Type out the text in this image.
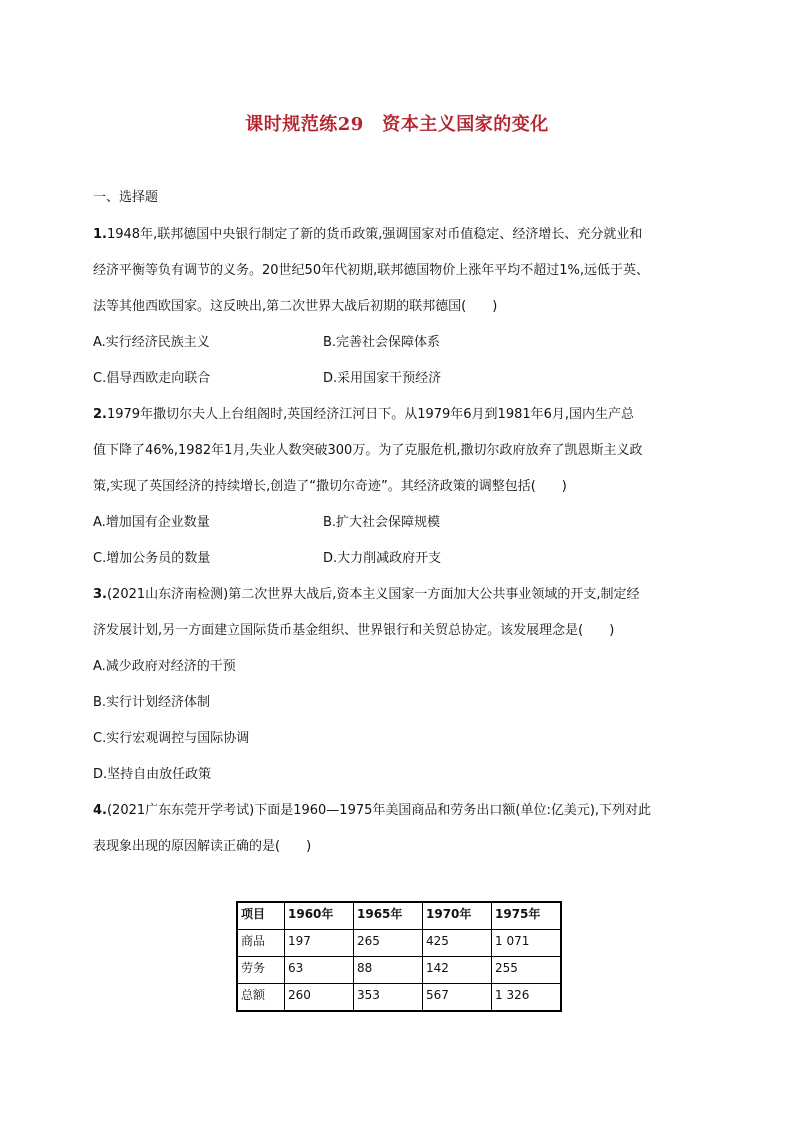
课时规范练29　资本主义国家的变化
一、选择题
1.1948年,联邦德国中央银行制定了新的货币政策,强调国家对币值稳定、经济增长、充分就业和
经济平衡等负有调节的义务。20世纪50年代初期,联邦德国物价上涨年平均不超过1%,远低于英、
法等其他西欧国家。这反映出,第二次世界大战后初期的联邦德国(　　)
A.实行经济民族主义	B.完善社会保障体系
C.倡导西欧走向联合	D.采用国家干预经济
2.1979年撒切尔夫人上台组阁时,英国经济江河日下。从1979年6月到1981年6月,国内生产总
值下降了46%,1982年1月,失业人数突破300万。为了克服危机,撒切尔政府放弃了凯恩斯主义政
策,实现了英国经济的持续增长,创造了“撒切尔奇迹”。其经济政策的调整包括(　　)
A.增加国有企业数量	B.扩大社会保障规模
C.增加公务员的数量	D.大力削减政府开支
3.(2021山东济南检测)第二次世界大战后,资本主义国家一方面加大公共事业领域的开支,制定经
济发展计划,另一方面建立国际货币基金组织、世界银行和关贸总协定。该发展理念是(　　)
A.减少政府对经济的干预
B.实行计划经济体制
C.实行宏观调控与国际协调
D.坚持自由放任政策
4.(2021广东东莞开学考试)下面是1960—1975年美国商品和劳务出口额(单位:亿美元),下列对此
表现象出现的原因解读正确的是(　　)
项目	1960年	1965年	1970年	1975年
商品	197	265	425	1 071
劳务	63	88	142	255
总额	260	353	567	1 326
